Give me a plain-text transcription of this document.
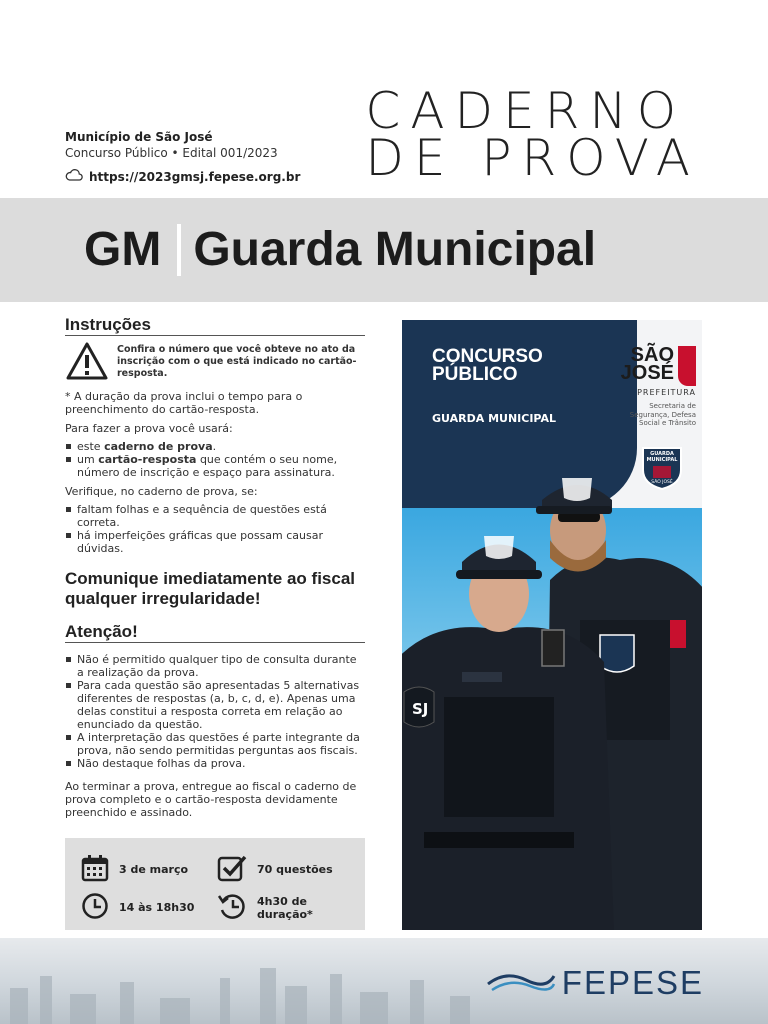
Município de São José
Concurso Público • Edital 001/2023
https://2023gmsj.fepese.org.br
CADERNO
DE PROVA
GM Guarda Municipal
Instruções
Confira o número que você obteve no ato da inscrição com o que está indicado no cartão-resposta.
* A duração da prova inclui o tempo para o preenchimento do cartão-resposta.
Para fazer a prova você usará:
este caderno de prova.
um cartão-resposta que contém o seu nome, número de inscrição e espaço para assinatura.
Verifique, no caderno de prova, se:
faltam folhas e a sequência de questões está correta.
há imperfeições gráficas que possam causar dúvidas.
Comunique imediatamente ao fiscal qualquer irregularidade!
Atenção!
Não é permitido qualquer tipo de consulta durante a realização da prova.
Para cada questão são apresentadas 5 alternativas diferentes de respostas (a, b, c, d, e). Apenas uma delas constitui a resposta correta em relação ao enunciado da questão.
A interpretação das questões é parte integrante da prova, não sendo permitidas perguntas aos fiscais.
Não destaque folhas da prova.
Ao terminar a prova, entregue ao fiscal o caderno de prova completo e o cartão-resposta devidamente preenchido e assinado.
3 de março	70 questões
14 às 18h30	4h30 de duração*
CONCURSO
PÚBLICO
GUARDA MUNICIPAL
SÃO
JOSÉ
PREFEITURA
Secretaria de Segurança, Defesa Social e Trânsito
GUARDA MUNICIPAL
SÃO JOSÉ
SJ
FEPESE
